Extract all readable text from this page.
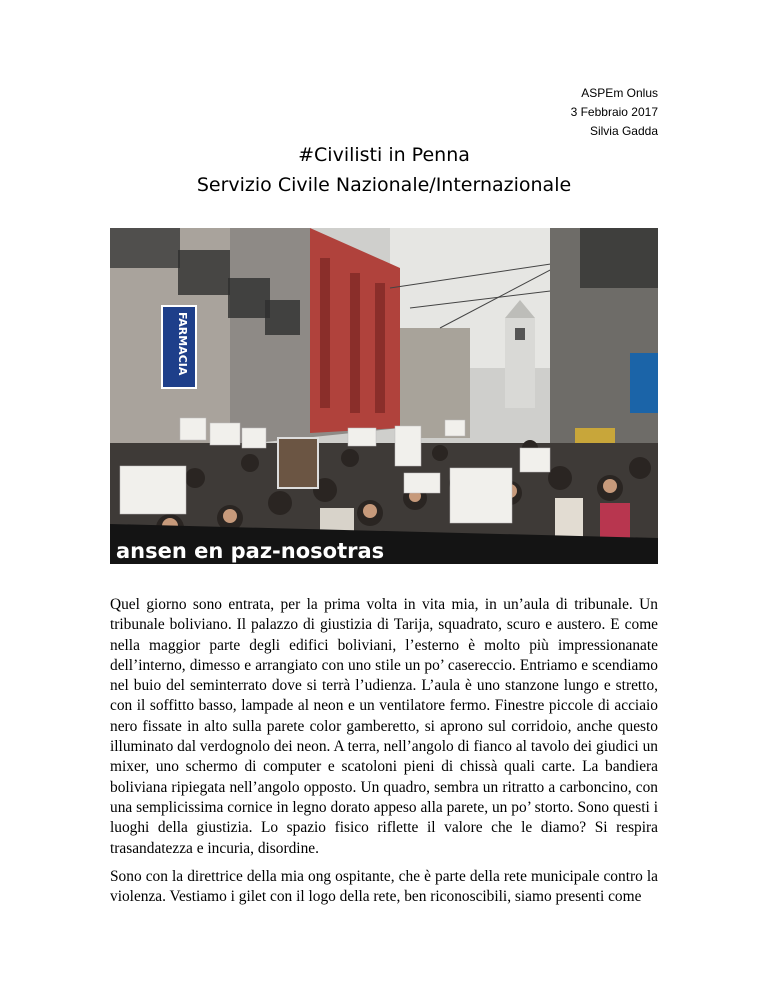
ASPEm Onlus
3 Febbraio 2017
Silvia Gadda
#Civilisti in Penna
Servizio Civile Nazionale/Internazionale
FARMACIA
ansen en paz-nosotras

Quel giorno sono entrata, per la prima volta in vita mia, in un’aula di tribunale. Un tribunale boliviano. Il palazzo di giustizia di Tarija, squadrato, scuro e austero. E come nella maggior parte degli edifici boliviani, l’esterno è molto più impressionanate dell’interno, dimesso e arrangiato con uno stile un po’ casereccio. Entriamo e scendiamo nel buio del seminterrato dove si terrà l’udienza. L’aula è uno stanzone lungo e stretto, con il soffitto basso, lampade al neon e un ventilatore fermo. Finestre piccole di acciaio nero fissate in alto sulla parete color gamberetto, si aprono sul corridoio, anche questo illuminato dal verdognolo dei neon. A terra, nell’angolo di fianco al tavolo dei giudici un mixer, uno schermo di computer e scatoloni pieni di chissà quali carte. La bandiera boliviana ripiegata nell’angolo opposto. Un quadro, sembra un ritratto a carboncino, con una semplicissima cornice in legno dorato appeso alla parete, un po’ storto. Sono questi i luoghi della giustizia. Lo spazio fisico riflette il valore che le diamo? Si respira trasandatezza e incuria, disordine.

Sono con la direttrice della mia ong ospitante, che è parte della rete municipale contro la violenza. Vestiamo i gilet con il logo della rete, ben riconoscibili, siamo presenti come
